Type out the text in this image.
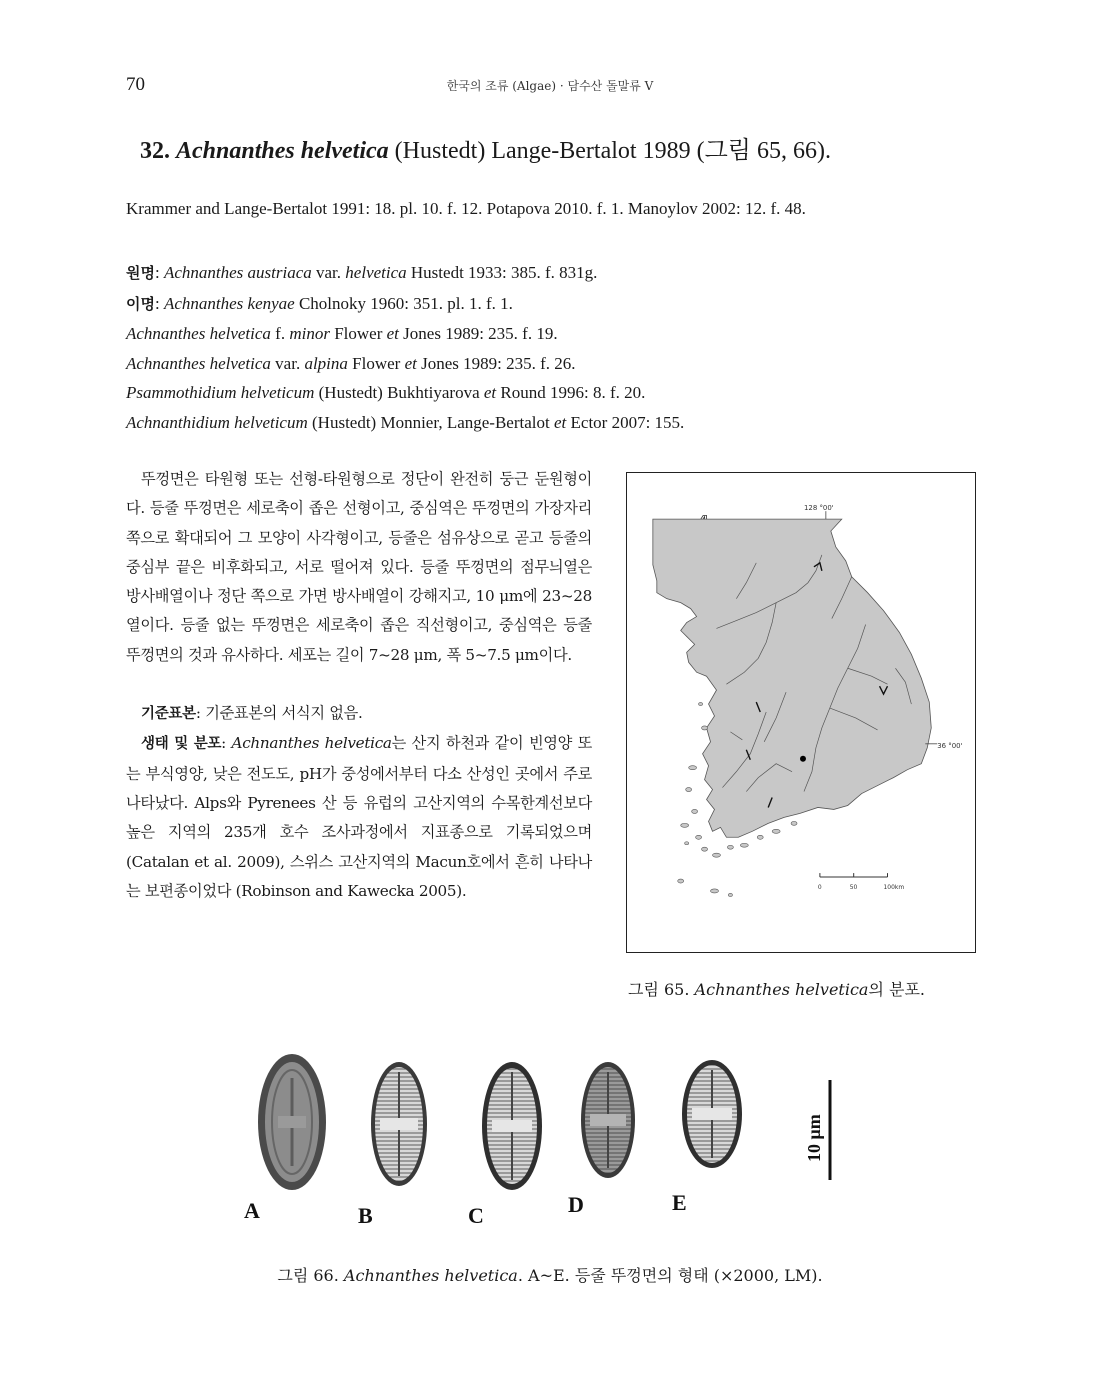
70	한국의 조류 (Algae) · 담수산 돌말류 V
32. Achnanthes helvetica (Hustedt) Lange-Bertalot 1989 (그림 65, 66).
Krammer and Lange-Bertalot 1991: 18. pl. 10. f. 12. Potapova 2010. f. 1. Manoylov 2002: 12. f. 48.
원명: Achnanthes austriaca var. helvetica Hustedt 1933: 385. f. 831g.
이명: Achnanthes kenyae Cholnoky 1960: 351. pl. 1. f. 1.
Achnanthes helvetica f. minor Flower et Jones 1989: 235. f. 19.
Achnanthes helvetica var. alpina Flower et Jones 1989: 235. f. 26.
Psammothidium helveticum (Hustedt) Bukhtiyarova et Round 1996: 8. f. 20.
Achnanthidium helveticum (Hustedt) Monnier, Lange-Bertalot et Ector 2007: 155.

뚜껑면은 타원형 또는 선형-타원형으로 정단이 완전히 둥근 둔원형이다. 등줄 뚜껑면은 세로축이 좁은 선형이고, 중심역은 뚜껑면의 가장자리 쪽으로 확대되어 그 모양이 사각형이고, 등줄은 섬유상으로 곧고 등줄의 중심부 끝은 비후화되고, 서로 떨어져 있다. 등줄 뚜껑면의 점무늬열은 방사배열이나 정단 쪽으로 가면 방사배열이 강해지고, 10 μm에 23~28열이다. 등줄 없는 뚜껑면은 세로축이 좁은 직선형이고, 중심역은 등줄 뚜껑면의 것과 유사하다. 세포는 길이 7~28 μm, 폭 5~7.5 μm이다.

기준표본: 기준표본의 서식지 없음.

생태 및 분포: Achnanthes helvetica는 산지 하천과 같이 빈영양 또는 부식영양, 낮은 전도도, pH가 중성에서부터 다소 산성인 곳에서 주로 나타났다. Alps와 Pyrenees 산 등 유럽의 고산지역의 수목한계선보다 높은 지역의 235개 호수 조사과정에서 지표종으로 기록되었으며 (Catalan et al. 2009), 스위스 고산지역의 Macun호에서 흔히 나타나는 보편종이었다 (Robinson and Kawecka 2005).

128 °00'
36 °00'
0	50	100km
그림 65. Achnanthes helvetica의 분포.
A	B	C	D	E
10 μm
그림 66. Achnanthes helvetica. A~E. 등줄 뚜껑면의 형태 (×2000, LM).
